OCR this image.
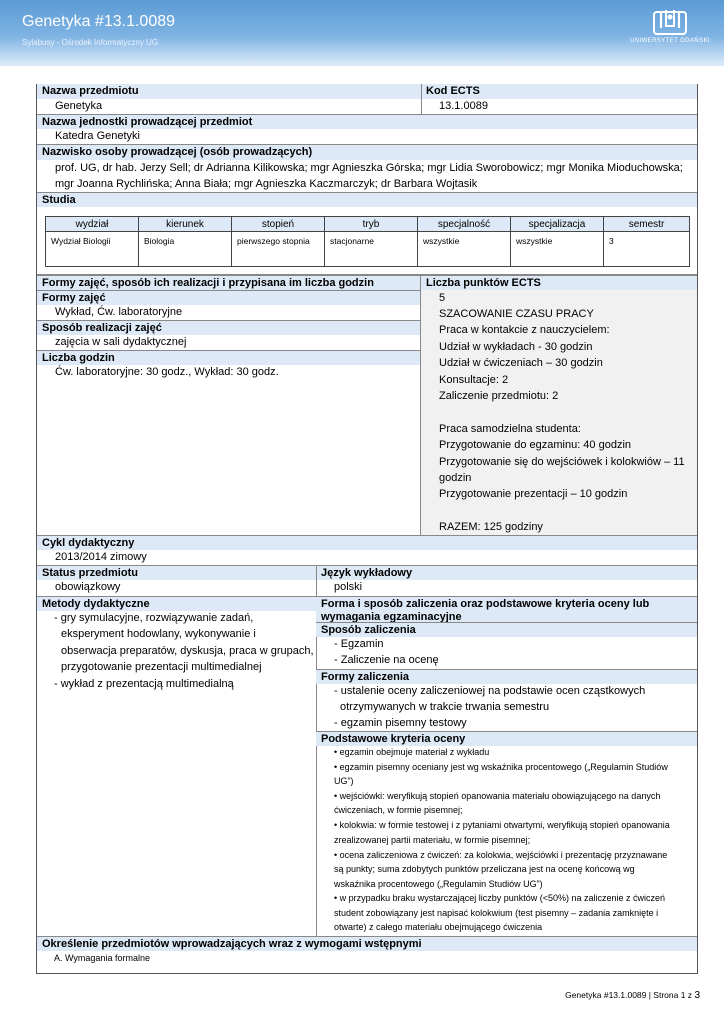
Genetyka #13.1.0089
Sylabusy - Ośrodek Informatyczny UG	UNIWERSYTET GDAŃSKI
Nazwa przedmiotu	Kod ECTS
Genetyka	13.1.0089
Nazwa jednostki prowadzącej przedmiot
Katedra Genetyki
Nazwisko osoby prowadzącej (osób prowadzących)
prof. UG, dr hab. Jerzy Sell; dr Adrianna Kilikowska; mgr Agnieszka Górska; mgr Lidia Sworobowicz; mgr Monika Mioduchowska;
mgr Joanna Rychlińska; Anna Biała; mgr Agnieszka Kaczmarczyk; dr Barbara Wojtasik
Studia
wydział	kierunek	stopień	tryb	specjalność	specjalizacja	semestr
Wydział Biologii	Biologia	pierwszego stopnia	stacjonarne	wszystkie	wszystkie	3
Formy zajęć, sposób ich realizacji i przypisana im liczba godzin	Liczba punktów ECTS
Formy zajęć
Wykład, Ćw. laboratoryjne
Sposób realizacji zajęć
zajęcia w sali dydaktycznej
Liczba godzin
Ćw. laboratoryjne: 30 godz., Wykład: 30 godz.
5
SZACOWANIE CZASU PRACY
Praca w kontakcie z nauczycielem:
Udział w wykładach - 30 godzin
Udział w ćwiczeniach – 30 godzin
Konsultacje: 2
Zaliczenie przedmiotu: 2
Praca samodzielna studenta:
Przygotowanie do egzaminu: 40 godzin
Przygotowanie się do wejściówek i kolokwiów – 11
godzin
Przygotowanie prezentacji – 10 godzin
RAZEM: 125 godziny
Cykl dydaktyczny
2013/2014 zimowy
Status przedmiotu	Język wykładowy
obowiązkowy	polski
Metody dydaktyczne
- gry symulacyjne, rozwiązywanie zadań,
eksperyment hodowlany, wykonywanie i
obserwacja preparatów, dyskusja, praca w grupach,
przygotowanie prezentacji multimedialnej
- wykład z prezentacją multimedialną
Forma i sposób zaliczenia oraz podstawowe kryteria oceny lub
wymagania egzaminacyjne
Sposób zaliczenia
- Egzamin
- Zaliczenie na ocenę
Formy zaliczenia
- ustalenie oceny zaliczeniowej na podstawie ocen cząstkowych
otrzymywanych w trakcie trwania semestru
- egzamin pisemny testowy
Podstawowe kryteria oceny
• egzamin obejmuje materiał z wykładu
• egzamin pisemny oceniany jest wg wskaźnika procentowego („Regulamin Studiów
UG”)
• wejściówki: weryfikują stopień opanowania materiału obowiązującego na danych
ćwiczeniach, w formie pisemnej;
• kolokwia: w formie testowej i z pytaniami otwartymi, weryfikują stopień opanowania
zrealizowanej partii materiału, w formie pisemnej;
• ocena zaliczeniowa z ćwiczeń: za kolokwia, wejściówki i prezentację przyznawane
są punkty; suma zdobytych punktów przeliczana jest na ocenę końcową wg
wskaźnika procentowego („Regulamin Studiów UG”)
• w przypadku braku wystarczającej liczby punktów (<50%) na zaliczenie z ćwiczeń
student zobowiązany jest napisać kolokwium (test pisemny – zadania zamknięte i
otwarte) z całego materiału obejmującego ćwiczenia
Określenie przedmiotów wprowadzających wraz z wymogami wstępnymi
A. Wymagania formalne
Genetyka #13.1.0089 | Strona 1 z 3
